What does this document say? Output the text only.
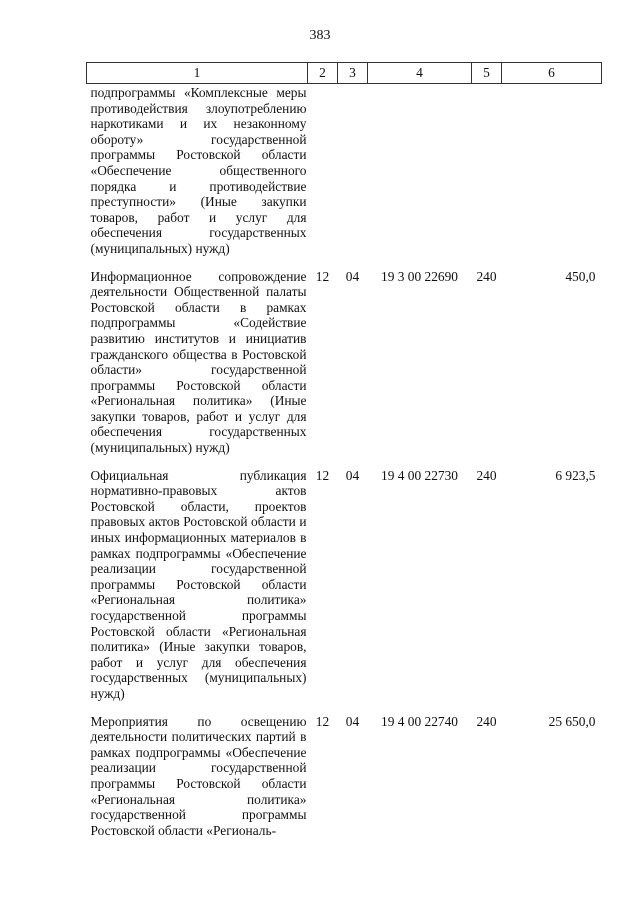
383
1	2	3	4	5	6
подпрограммы «Комплексные меры противодействия злоупотреблению наркотиками и их незаконному обороту» государственной программы Ростовской области «Обеспечение общественного порядка и противодействие преступности» (Иные закупки товаров, работ и услуг для обеспечения государственных (муниципальных) нужд)					

Информационное сопровождение деятельности Общественной палаты Ростовской области в рамках подпрограммы «Содействие развитию институтов и инициатив гражданского общества в Ростовской области» государственной программы Ростовской области «Региональная политика» (Иные закупки товаров, работ и услуг для обеспечения государственных (муниципальных) нужд)	12	04	19 3 00 22690	240	450,0

Официальная публикация нормативно-правовых актов Ростовской области, проектов правовых актов Ростовской области и иных информационных материалов в рамках подпрограммы «Обеспечение реализации государственной программы Ростовской области «Региональная политика» государственной программы Ростовской области «Региональная политика» (Иные закупки товаров, работ и услуг для обеспечения государственных (муниципальных) нужд)	12	04	19 4 00 22730	240	6 923,5

Мероприятия по освещению деятельности политических партий в рамках подпрограммы «Обеспечение реализации государственной программы Ростовской области «Региональная политика» государственной программы Ростовской области «Региональ-	12	04	19 4 00 22740	240	25 650,0
